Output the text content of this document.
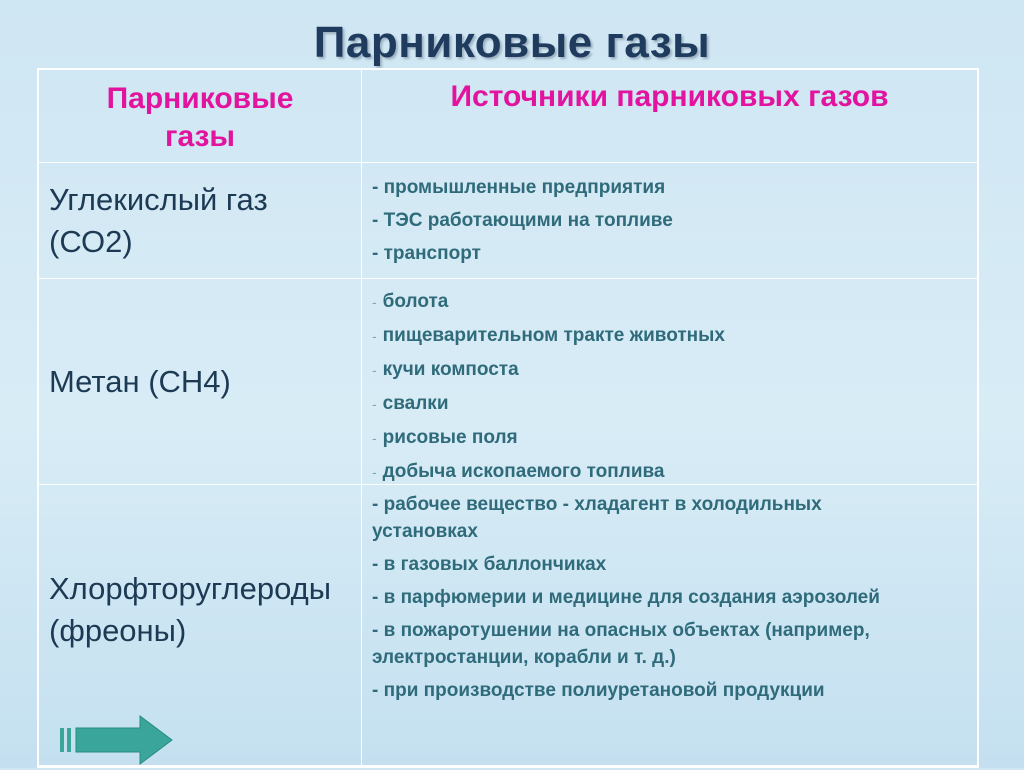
Парниковые газы
Парниковые газы
Источники парниковых газов
Углекислый газ (СО2)
- промышленные предприятия
- ТЭС работающими на топливе
- транспорт
Метан (СН4)
- болота
- пищеварительном тракте животных
- кучи компоста
- свалки
- рисовые поля
- добыча ископаемого топлива
Хлорфторуглероды (фреоны)
- рабочее вещество - хладагент в холодильных установках
- в газовых баллончиках
- в парфюмерии и медицине для создания аэрозолей
- в пожаротушении на опасных объектах (например, электростанции, корабли и т. д.)
- при производстве полиуретановой продукции
